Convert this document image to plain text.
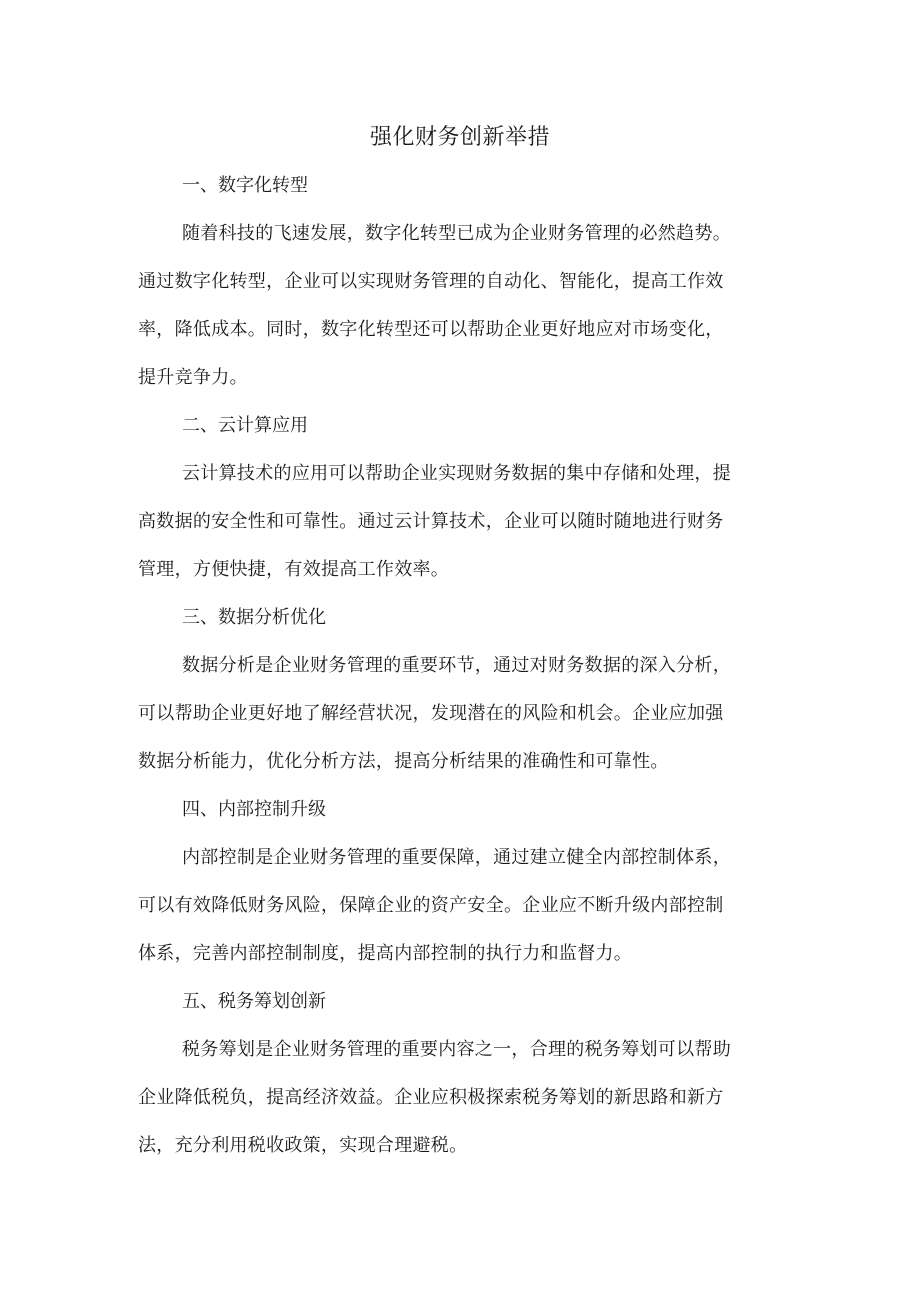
强化财务创新举措
一、数字化转型
随着科技的飞速发展，数字化转型已成为企业财务管理的必然趋势。
通过数字化转型，企业可以实现财务管理的自动化、智能化，提高工作效
率，降低成本。同时，数字化转型还可以帮助企业更好地应对市场变化，
提升竞争力。
二、云计算应用
云计算技术的应用可以帮助企业实现财务数据的集中存储和处理，提
高数据的安全性和可靠性。通过云计算技术，企业可以随时随地进行财务
管理，方便快捷，有效提高工作效率。
三、数据分析优化
数据分析是企业财务管理的重要环节，通过对财务数据的深入分析，
可以帮助企业更好地了解经营状况，发现潜在的风险和机会。企业应加强
数据分析能力，优化分析方法，提高分析结果的准确性和可靠性。
四、内部控制升级
内部控制是企业财务管理的重要保障，通过建立健全内部控制体系，
可以有效降低财务风险，保障企业的资产安全。企业应不断升级内部控制
体系，完善内部控制制度，提高内部控制的执行力和监督力。
五、税务筹划创新
税务筹划是企业财务管理的重要内容之一，合理的税务筹划可以帮助
企业降低税负，提高经济效益。企业应积极探索税务筹划的新思路和新方
法，充分利用税收政策，实现合理避税。
